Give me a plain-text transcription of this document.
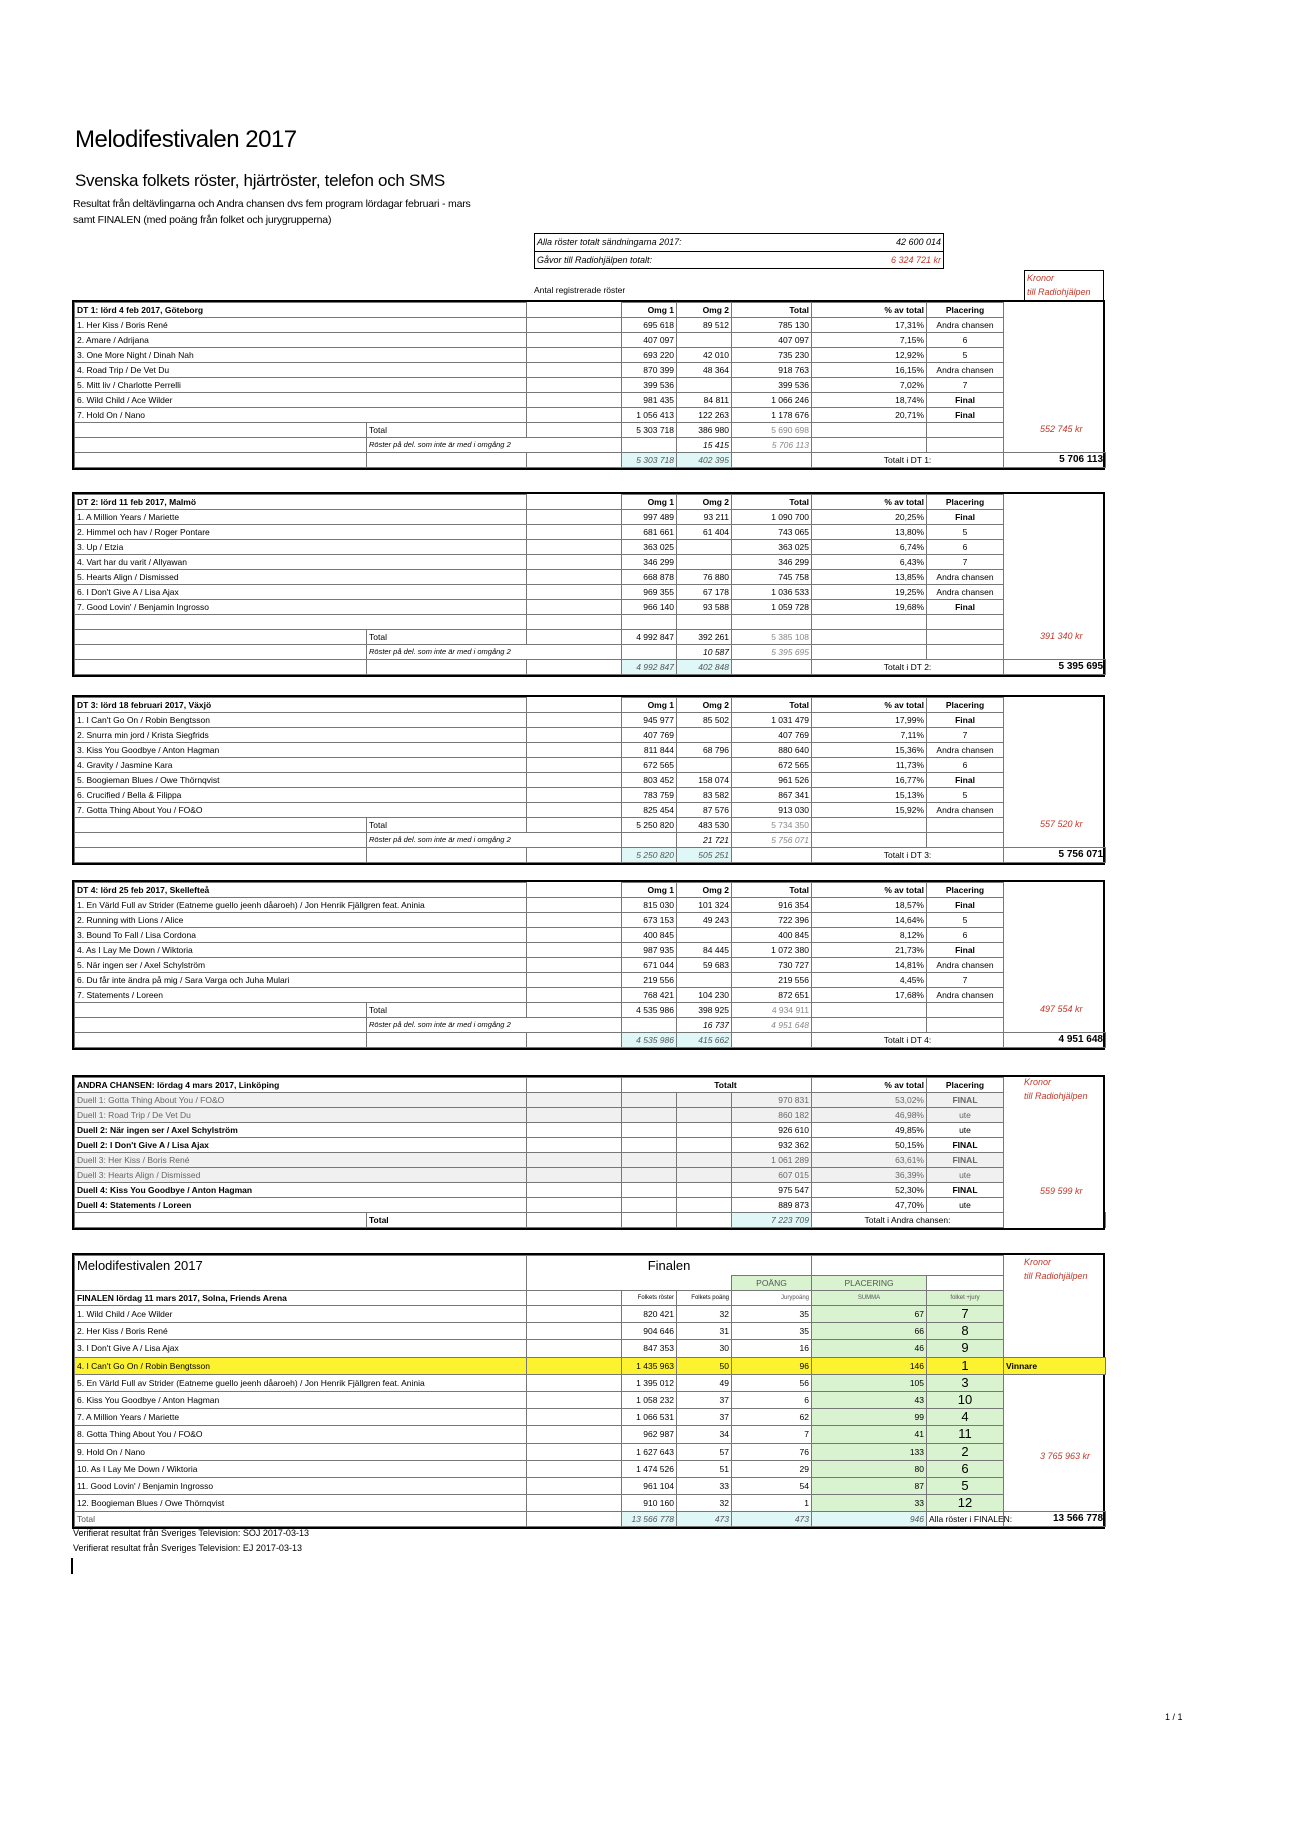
Melodifestivalen 2017
Svenska folkets röster, hjärtröster, telefon och SMS
Resultat från deltävlingarna och Andra chansen dvs fem program lördagar februari - mars
samt FINALEN (med poäng från folket och jurygrupperna)
Alla röster totalt sändningarna 2017:	42 600 014
Gåvor till Radiohjälpen totalt:	6 324 721 kr
Antal registrerade röster
Kronor
till Radiohjälpen
DT 1: lörd 4 feb 2017, Göteborg			Omg 1	Omg 2	Total	% av total	Placering	
1. Her Kiss / Boris René			695 618	89 512	785 130	17,31%	Andra chansen	
2. Amare / Adrijana			407 097		407 097	7,15%	6	
3. One More Night / Dinah Nah			693 220	42 010	735 230	12,92%	5	
4. Road Trip / De Vet Du			870 399	48 364	918 763	16,15%	Andra chansen	
5. Mitt liv / Charlotte Perrelli			399 536		399 536	7,02%	7	
6. Wild Child / Ace Wilder			981 435	84 811	1 066 246	18,74%	Final	
7. Hold On / Nano			1 056 413	122 263	1 178 676	20,71%	Final	
	Total		5 303 718	386 980	5 690 698			
	Röster på del. som inte är med i omgång 2			15 415	5 706 113			
			5 303 718	402 395		Totalt i DT 1:		5 706 113
552 745 kr
DT 2: lörd 11 feb 2017, Malmö			Omg 1	Omg 2	Total	% av total	Placering	
1. A Million Years / Mariette			997 489	93 211	1 090 700	20,25%	Final	
2. Himmel och hav / Roger Pontare			681 661	61 404	743 065	13,80%	5	
3. Up / Etzia			363 025		363 025	6,74%	6	
4. Vart har du varit / Allyawan			346 299		346 299	6,43%	7	
5. Hearts Align / Dismissed			668 878	76 880	745 758	13,85%	Andra chansen	
6. I Don't Give A / Lisa Ajax			969 355	67 178	1 036 533	19,25%	Andra chansen	
7. Good Lovin' / Benjamin Ingrosso			966 140	93 588	1 059 728	19,68%	Final	

	Total		4 992 847	392 261	5 385 108			
	Röster på del. som inte är med i omgång 2			10 587	5 395 695			
			4 992 847	402 848		Totalt i DT 2:		5 395 695
391 340 kr
DT 3: lörd 18 februari 2017, Växjö			Omg 1	Omg 2	Total	% av total	Placering	
1. I Can't Go On / Robin Bengtsson			945 977	85 502	1 031 479	17,99%	Final	
2. Snurra min jord / Krista Siegfrids			407 769		407 769	7,11%	7	
3. Kiss You Goodbye / Anton Hagman			811 844	68 796	880 640	15,36%	Andra chansen	
4. Gravity / Jasmine Kara			672 565		672 565	11,73%	6	
5. Boogieman Blues / Owe Thörnqvist			803 452	158 074	961 526	16,77%	Final	
6. Crucified / Bella & Filippa			783 759	83 582	867 341	15,13%	5	
7. Gotta Thing About You / FO&O			825 454	87 576	913 030	15,92%	Andra chansen	
	Total		5 250 820	483 530	5 734 350			
	Röster på del. som inte är med i omgång 2			21 721	5 756 071			
			5 250 820	505 251		Totalt i DT 3:		5 756 071
557 520 kr
DT 4: lörd 25 feb 2017, Skellefteå			Omg 1	Omg 2	Total	% av total	Placering	
1. En Värld Full av Strider (Eatneme guello jeenh dåaroeh) / Jon Henrik Fjällgren feat. Aninia			815 030	101 324	916 354	18,57%	Final	
2. Running with Lions / Alice			673 153	49 243	722 396	14,64%	5	
3. Bound To Fall / Lisa Cordona			400 845		400 845	8,12%	6	
4. As I Lay Me Down / Wiktoria			987 935	84 445	1 072 380	21,73%	Final	
5. När ingen ser / Axel Schylström			671 044	59 683	730 727	14,81%	Andra chansen	
6. Du får inte ändra på mig / Sara Varga och Juha Mulari			219 556		219 556	4,45%	7	
7. Statements / Loreen			768 421	104 230	872 651	17,68%	Andra chansen	
	Total		4 535 986	398 925	4 934 911			
	Röster på del. som inte är med i omgång 2			16 737	4 951 648			
			4 535 986	415 662		Totalt i DT 4:		4 951 648
497 554 kr
ANDRA CHANSEN: lördag 4 mars 2017, Linköping			Totalt			% av total	Placering		
Duell 1: Gotta Thing About You / FO&O					970 831	53,02%	FINAL		
Duell 1: Road Trip / De Vet Du					860 182	46,98%	ute		
Duell 2: När ingen ser / Axel Schylström					926 610	49,85%	ute		
Duell 2: I Don't Give A / Lisa Ajax					932 362	50,15%	FINAL		
Duell 3: Her Kiss / Boris René					1 061 289	63,61%	FINAL		
Duell 3: Hearts Align / Dismissed					607 015	36,39%	ute		
Duell 4: Kiss You Goodbye / Anton Hagman					975 547	52,30%	FINAL		
Duell 4: Statements / Loreen					889 873	47,70%	ute		
	Total				7 223 709	Totalt i Andra chansen:	
Kronor
till Radiohjälpen
Melodifestivalen 2017	Finalen						
				POÄNG	PLACERING		
FINALEN lördag 11 mars 2017, Solna, Friends Arena		Folkets röster	Folkets poäng	Jurypoäng	SUMMA	folket +jury	
1. Wild Child / Ace Wilder		820 421	32	35	67	7	
2. Her Kiss / Boris René		904 646	31	35	66	8	
3. I Don't Give A / Lisa Ajax		847 353	30	16	46	9	
4. I Can't Go On / Robin Bengtsson		1 435 963	50	96	146	1	Vinnare
5. En Värld Full av Strider (Eatneme guello jeenh dåaroeh) / Jon Henrik Fjällgren feat. Aninia		1 395 012	49	56	105	3	
6. Kiss You Goodbye / Anton Hagman		1 058 232	37	6	43	10	
7. A Million Years / Mariette		1 066 531	37	62	99	4	
8. Gotta Thing About You / FO&O		962 987	34	7	41	11	
9. Hold On / Nano		1 627 643	57	76	133	2	
10. As I Lay Me Down / Wiktoria		1 474 526	51	29	80	6	
11. Good Lovin' / Benjamin Ingrosso		961 104	33	54	87	5	
12. Boogieman Blues / Owe Thörnqvist		910 160	32	1	33	12	
Total		13 566 778	473	473	946	Alla röster i FINALEN:	13 566 778
Kronor
till Radiohjälpen
Verifierat resultat från Sveriges Television: SOJ 2017-03-13
Verifierat resultat från Sveriges Television: EJ 2017-03-13
1 / 1
559 599 kr
3 765 963 kr
